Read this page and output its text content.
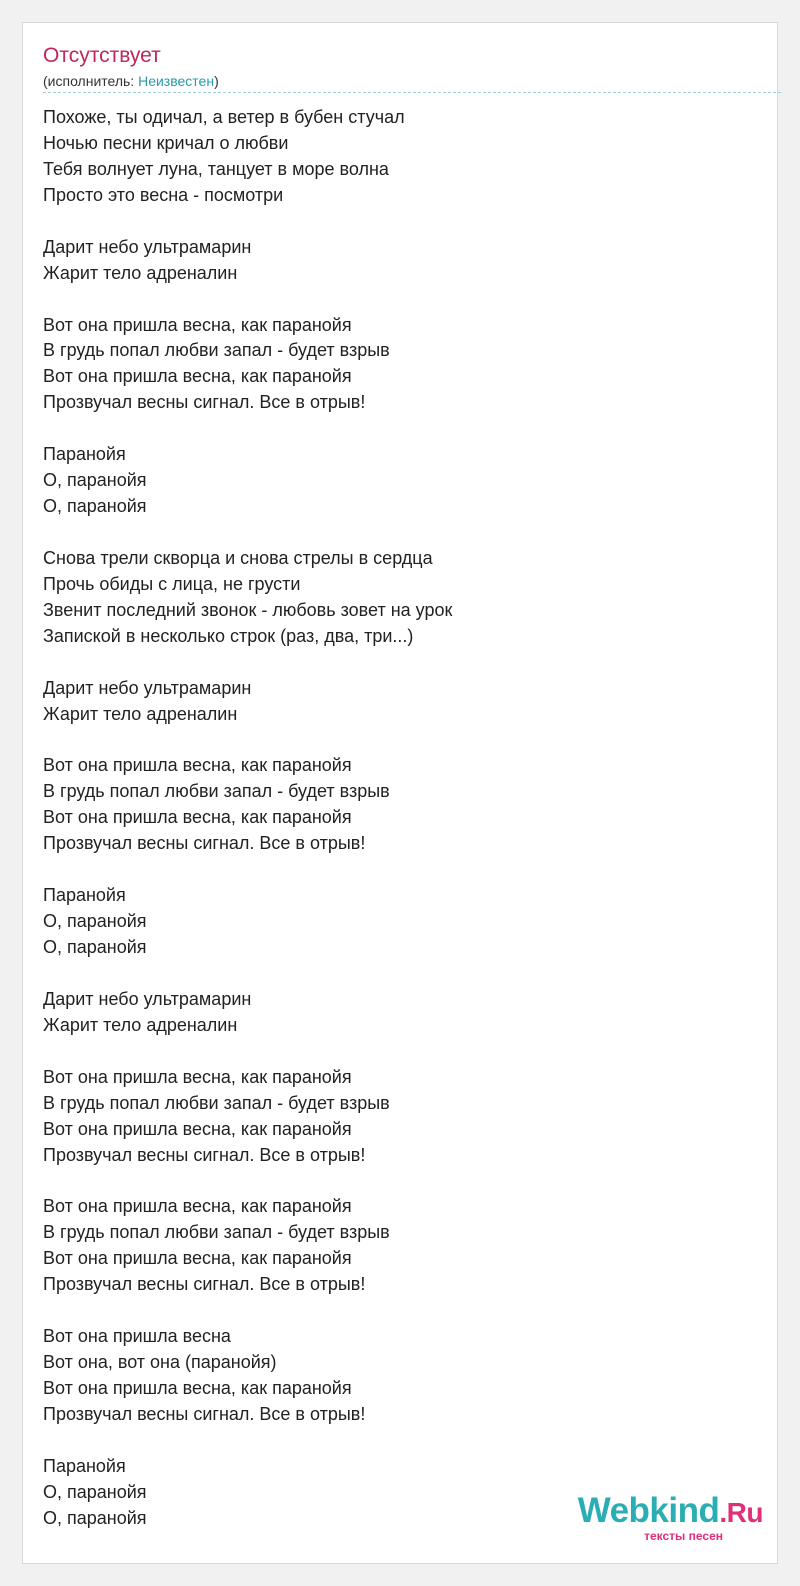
Отсутствует
(исполнитель: Неизвестен)
Похоже, ты одичал, а ветер в бубен стучал
Ночью песни кричал о любви
Тебя волнует луна, танцует в море волна
Просто это весна - посмотри
Дарит небо ультрамарин
Жарит тело адреналин
Вот она пришла весна, как паранойя
В грудь попал любви запал - будет взрыв
Вот она пришла весна, как паранойя
Прозвучал весны сигнал. Все в отрыв!
Паранойя
О, паранойя
О, паранойя
Снова трели скворца и снова стрелы в сердца
Прочь обиды с лица, не грусти
Звенит последний звонок - любовь зовет на урок
Запиской в несколько строк (раз, два, три...)
Дарит небо ультрамарин
Жарит тело адреналин
Вот она пришла весна, как паранойя
В грудь попал любви запал - будет взрыв
Вот она пришла весна, как паранойя
Прозвучал весны сигнал. Все в отрыв!
Паранойя
О, паранойя
О, паранойя
Дарит небо ультрамарин
Жарит тело адреналин
Вот она пришла весна, как паранойя
В грудь попал любви запал - будет взрыв
Вот она пришла весна, как паранойя
Прозвучал весны сигнал. Все в отрыв!
Вот она пришла весна, как паранойя
В грудь попал любви запал - будет взрыв
Вот она пришла весна, как паранойя
Прозвучал весны сигнал. Все в отрыв!
Вот она пришла весна
Вот она, вот она (паранойя)
Вот она пришла весна, как паранойя
Прозвучал весны сигнал. Все в отрыв!
Паранойя
О, паранойя
О, паранойя	Webkind.Ru
тексты песен
